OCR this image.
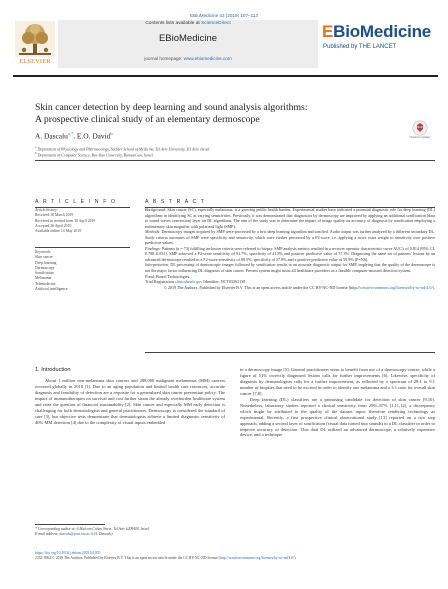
EBioMedicine 43 (2019) 107–113
ELSEVIER
Contents lists available at ScienceDirect
EBioMedicine
journal homepage: www.ebiomedicine.com
EBioMedicine
Published by THE LANCET
Skin cancer detection by deep learning and sound analysis algorithms:
A prospective clinical study of an elementary dermoscope
Check for updates
A. Dascalu$^{a,*}$, E.O. David$^b$
$^a$ Department of Physiology and Pharmacology, Sackler School of Medicine, Tel Aviv University, Tel Aviv, Israel
$^b$ Department of Computer Science, Bar-Ilan University, Ramat-Gan, Israel
A R T I C L E I N F O
Article history:
Received 18 March 2019
Received in revised form 10 April 2019
Accepted 26 April 2019
Available online 14 May 2019
Keywords:
Skin cancer
Deep learning
Dermoscopy
Sonification
Melanoma
Telemedicine
Artificial intelligence
A B S T R A C T

Background: Skin cancer (SC), especially melanoma, is a growing public health burden. Experimental studies have indicated a potential diagnostic role for deep learning (DL) algorithms in identifying SC at varying sensitivities. Previously, it was demonstrated that diagnostics by dermoscopy are improved by applying an additional sonification (data to sound waves conversion) layer on DL algorithms. The aim of the study was to determine the impact of image quality on accuracy of diagnosis by sonification employing a rudimentary skin magnifier with polarized light (SMP).

Methods: Dermoscopy images acquired by SMP were processed by a first deep learning algorithm and sonified. Audio output was further analyzed by a different secondary DL. Study criteria outcomes of SMP were specificity and sensitivity, which were further processed by a F2-score, i.e. applying a twice extra weight to sensitivity over positive predictive values.

Findings: Patients (n = 73) fulfilling inclusion criteria were referred to biopsy. SMP analysis metrics resulted in a receiver operator characteristic curve AUC's of 0.814 (95% CI, 0.798–0.831). SMP achieved a F2-score sensitivity of 91.7%, specificity of 41.8% and positive predictive value of 57.3%. Diagnosing the same set of patients' lesions by an advanced dermoscope resulted in a F2-score sensitivity of 89.5%, specificity of 57.8% and a positive predictive value of 59.9% (P=NS).

Interpretation: DL processing of dermoscopic images followed by sonification results in an accurate diagnostic output for SMP, implying that the quality of the dermoscope is not the major factor influencing DL diagnosis of skin cancer. Present system might assist all healthcare providers as a feasible computer-assisted detection system.

Fund: Bostel Technologies.

Trial Registration clinicaltrials.gov Identifier: NCT03362138

© 2019 The Authors. Published by Elsevier B.V. This is an open access article under the CC BY-NC-ND license (http://creativecommons.org/licenses/by-nc-nd/4.0/).

1. Introduction

About 1 million non-melanoma skin cancers and 288,000 malignant melanomas (MM) cancers occurred globally in 2018 [1]. Due to an aging population and limited health care resources, accurate diagnosis and feasibility of detection are a requisite for a generalized skin cancer prevention policy. The impact of immunotherapies on survival and cost further strain the already overburden healthcare system and raise the question of financial sustainability [2]. Skin cancer and especially MM early detection is challenging for both dermatologists and general practitioners. Dermoscopy is considered the standard of care [3], but objective tests demonstrate that dermatologists achieve a limited diagnostic sensitivity of 40% MM detection [4] due to the complexity of visual inputs embedded

in a dermoscopy image [5]. General practitioners seem to benefit from use of a dermoscopy course, while a figure of 51% correctly diagnosed lesions calls for further improvements [6]. Likewise, specificity of diagnosis by dermatologists calls for a further improvement, as reflected by a spectrum of 28:1 to 9:1 number of biopsies that need to be excised in order to identify one melanoma and a 3:1 ratio for overall skin cancer [7,8].

Deep learning (DL) classifiers are a promising candidate for detection of skin cancer [9,10]. Nonetheless, laboratory studies reported a clinical sensitivity from 29%–87% [1,11,12], a discrepancy which might be attributed to the quality of the dataset input; therefore rendering technology as experimental. Recently, a first prospective clinical observational study [13] reported on a two step approach, adding a second layer of sonification (visual data turned into sounds) to a DL classifier in order to improve accuracy of detection. This dual DL utilized an advanced dermoscope, a relatively expensive device, and a technique

* Corresponding author at: 6 Malcom Cohen Street, Tel Aviv 6209409, Israel.
E-mail address: dascalu@post.tau.ac.il (A. Dascalu).
https://doi.org/10.1016/j.ebiom.2019.04.055
2352-3964/© 2019 The Authors. Published by Elsevier B.V. This is an open access article under the CC BY-NC-ND license (http://creativecommons.org/licenses/by-nc-nd/4.0/).
